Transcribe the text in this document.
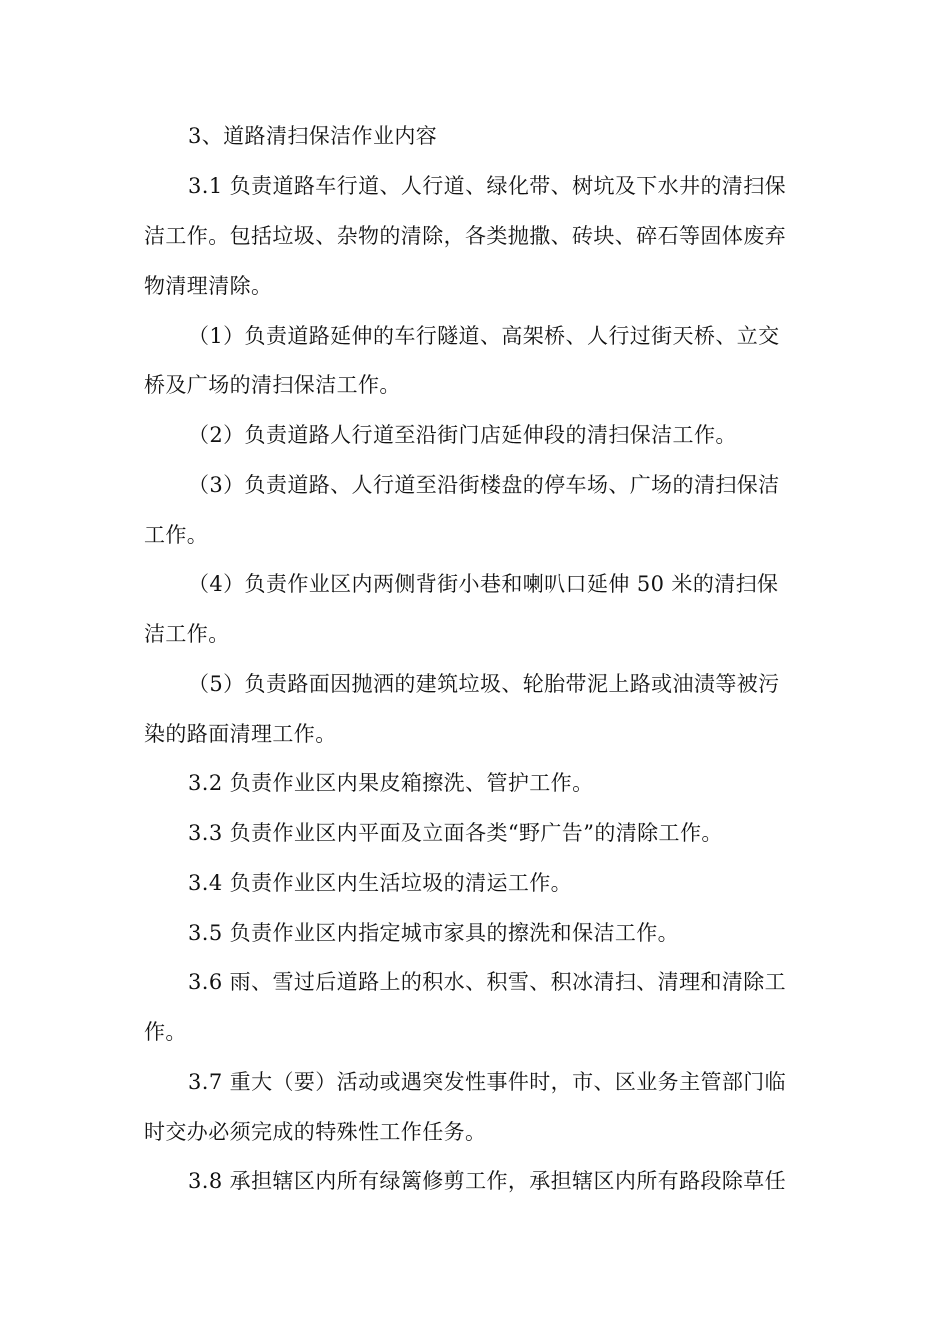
3、道路清扫保洁作业内容
3.1 负责道路车行道、人行道、绿化带、树坑及下水井的清扫保
洁工作。包括垃圾、杂物的清除，各类抛撒、砖块、碎石等固体废弃
物清理清除。
（1）负责道路延伸的车行隧道、高架桥、人行过街天桥、立交
桥及广场的清扫保洁工作。
（2）负责道路人行道至沿街门店延伸段的清扫保洁工作。
（3）负责道路、人行道至沿街楼盘的停车场、广场的清扫保洁
工作。
（4）负责作业区内两侧背街小巷和喇叭口延伸 50 米的清扫保
洁工作。
（5）负责路面因抛洒的建筑垃圾、轮胎带泥上路或油渍等被污
染的路面清理工作。
3.2 负责作业区内果皮箱擦洗、管护工作。
3.3 负责作业区内平面及立面各类“野广告”的清除工作。
3.4 负责作业区内生活垃圾的清运工作。
3.5 负责作业区内指定城市家具的擦洗和保洁工作。
3.6 雨、雪过后道路上的积水、积雪、积冰清扫、清理和清除工
作。
3.7 重大（要）活动或遇突发性事件时，市、区业务主管部门临
时交办必须完成的特殊性工作任务。
3.8 承担辖区内所有绿篱修剪工作，承担辖区内所有路段除草任
